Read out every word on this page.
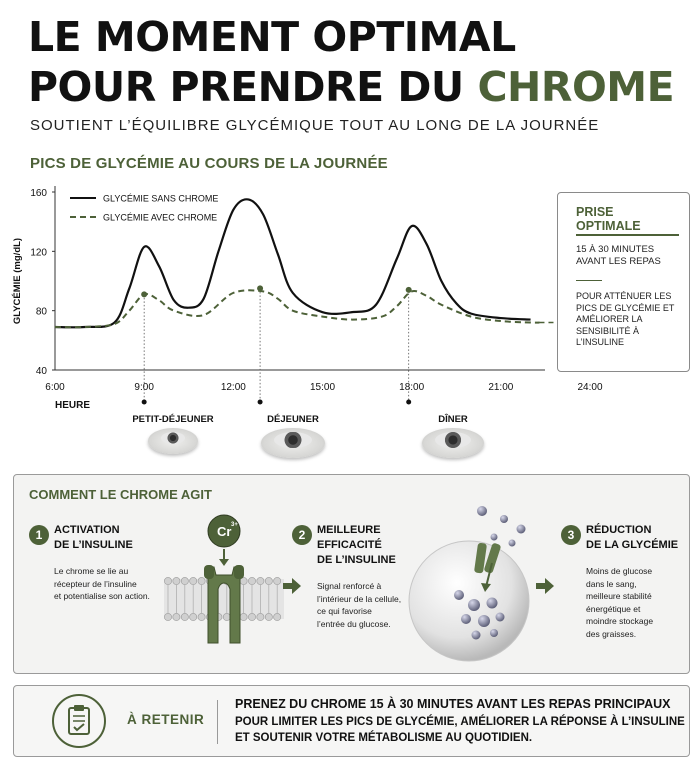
LE MOMENT OPTIMAL
POUR PRENDRE DU CHROME
SOUTIENT L’ÉQUILIBRE GLYCÉMIQUE TOUT AU LONG DE LA JOURNÉE
PICS DE GLYCÉMIE AU COURS DE LA JOURNÉE
40
80
120
160
GLYCÉMIE (mg/dL)
6:00	9:00	12:00	15:00	18:00	21:00	24:00
HEURE
GLYCÉMIE SANS CHROME
GLYCÉMIE AVEC CHROME	PRISE OPTIMALE
15 À 30 MINUTES AVANT LES REPAS
POUR ATTÉNUER LES PICS DE GLYCÉMIE ET AMÉLIORER LA SENSIBILITÉ À L’INSULINE
PETIT-DÉJEUNER	DÉJEUNER	DÎNER
COMMENT LE CHROME AGIT
1	ACTIVATION
DE L’INSULINE
Le chrome se lie au
récepteur de l’insuline
et potentialise son action.
Cr 3+
2	MEILLEURE
EFFICACITÉ
DE L’INSULINE
Signal renforcé à
l’intérieur de la cellule,
ce qui favorise
l’entrée du glucose.
3	RÉDUCTION
DE LA GLYCÉMIE
Moins de glucose
dans le sang,
meilleure stabilité
énergétique et
moindre stockage
des graisses.
À RETENIR
PRENEZ DU CHROME 15 À 30 MINUTES AVANT LES REPAS PRINCIPAUX
POUR LIMITER LES PICS DE GLYCÉMIE, AMÉLIORER LA RÉPONSE À L’INSULINE
ET SOUTENIR VOTRE MÉTABOLISME AU QUOTIDIEN.
